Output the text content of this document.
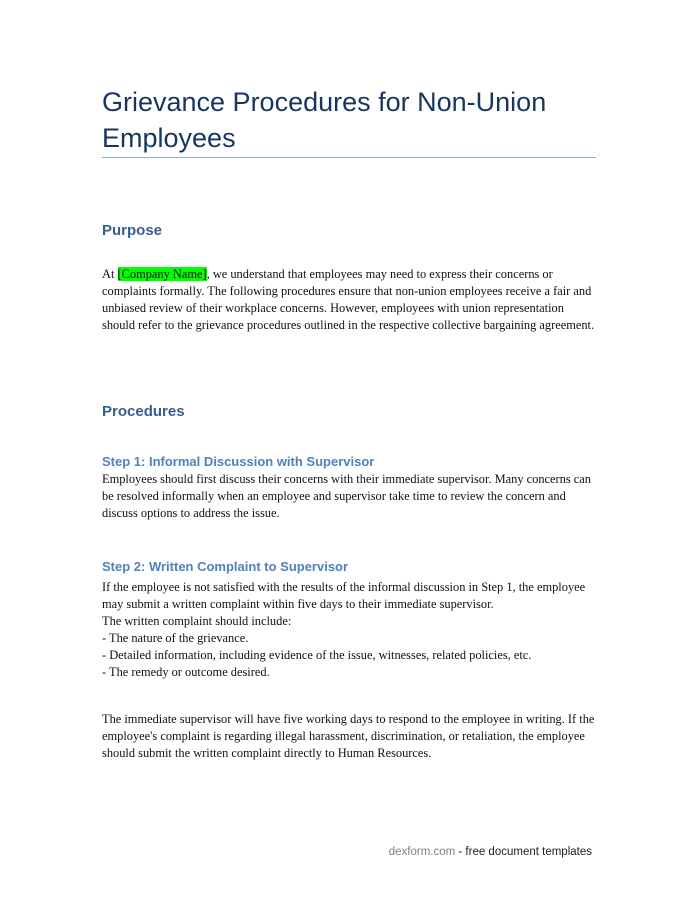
Grievance Procedures for Non-Union Employees
Purpose

At [Company Name], we understand that employees may need to express their concerns or complaints formally. The following procedures ensure that non-union employees receive a fair and unbiased review of their workplace concerns. However, employees with union representation should refer to the grievance procedures outlined in the respective collective bargaining agreement.

Procedures
Step 1: Informal Discussion with Supervisor

Employees should first discuss their concerns with their immediate supervisor. Many concerns can be resolved informally when an employee and supervisor take time to review the concern and discuss options to address the issue.

Step 2: Written Complaint to Supervisor
If the employee is not satisfied with the results of the informal discussion in Step 1, the employee may submit a written complaint within five days to their immediate supervisor.
The written complaint should include:
- The nature of the grievance.
- Detailed information, including evidence of the issue, witnesses, related policies, etc.
- The remedy or outcome desired.

The immediate supervisor will have five working days to respond to the employee in writing. If the employee's complaint is regarding illegal harassment, discrimination, or retaliation, the employee should submit the written complaint directly to Human Resources.

dexform.com - free document templates
